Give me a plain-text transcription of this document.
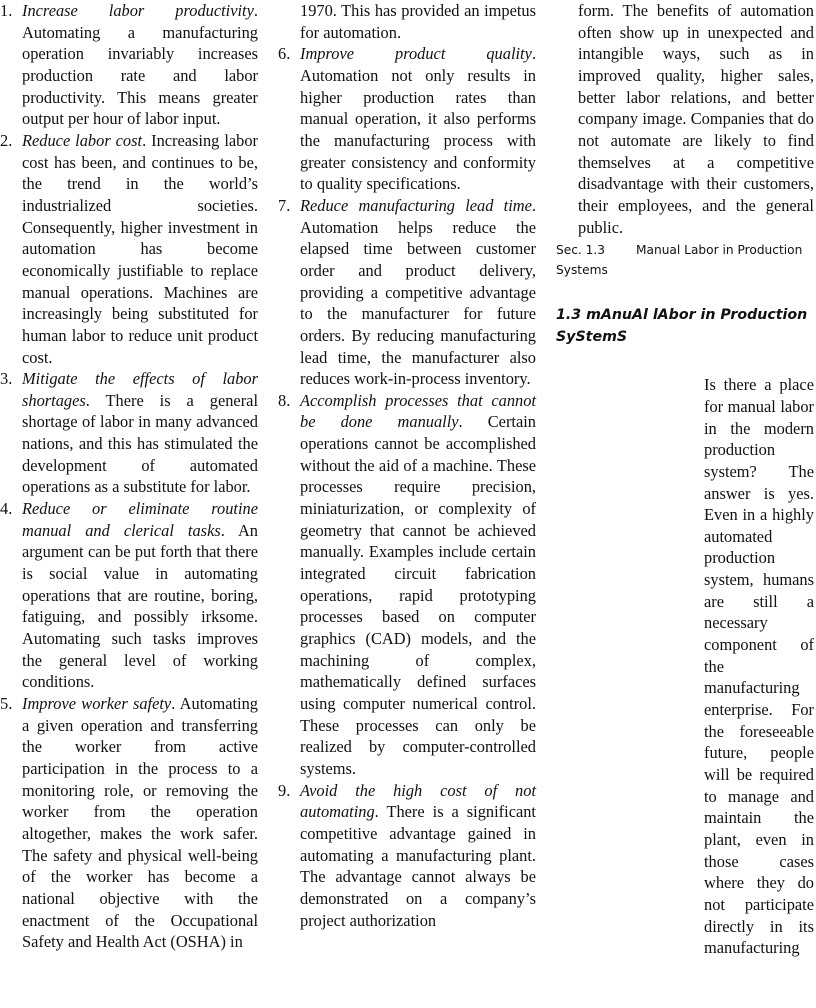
1. Increase labor productivity. Automating a manufacturing operation invariably increases production rate and labor productivity. This means greater output per hour of labor input.

2. Reduce labor cost. Increasing labor cost has been, and continues to be, the trend in the world’s industrialized societies. Consequently, higher investment in automation has become economically justifiable to replace manual operations. Machines are increasingly being substituted for human labor to reduce unit product cost.

3. Mitigate the effects of labor shortages. There is a general shortage of labor in many advanced nations, and this has stimulated the development of automated operations as a substitute for labor.

4. Reduce or eliminate routine manual and clerical tasks. An argument can be put forth that there is social value in automating operations that are routine, boring, fatiguing, and possibly irksome. Automating such tasks improves the general level of working conditions.

5. Improve worker safety. Automating a given operation and transferring the worker from active participation in the process to a monitoring role, or removing the worker from the operation altogether, makes the work safer. The safety and physical well-being of the worker has become a national objective with the enactment of the Occupational Safety and Health Act (OSHA) in

1970. This has provided an impetus for automation.

6. Improve product quality. Automation not only results in higher production rates than manual operation, it also performs the manufacturing process with greater consistency and conformity to quality specifications.

7. Reduce manufacturing lead time. Automation helps reduce the elapsed time between customer order and product delivery, providing a competitive advantage to the manufacturer for future orders. By reducing manufacturing lead time, the manufacturer also reduces work-in-process inventory.

8. Accomplish processes that cannot be done manually. Certain operations cannot be accomplished without the aid of a machine. These processes require precision, miniaturization, or complexity of geometry that cannot be achieved manually. Examples include certain integrated circuit fabrication operations, rapid prototyping processes based on computer graphics (CAD) models, and the machining of complex, mathematically defined surfaces using computer numerical control. These processes can only be realized by computer-controlled systems.

9. Avoid the high cost of not automating. There is a significant competitive advantage gained in automating a manufacturing plant. The advantage cannot always be demonstrated on a company’s project authorization

form. The benefits of automation often show up in unexpected and intangible ways, such as in improved quality, higher sales, better labor relations, and better company image. Companies that do not automate are likely to find themselves at a competitive disadvantage with their customers, their employees, and the general public.

Sec. 1.3	Manual Labor in Production

Systems

1.3 mAnuAl lAbor in Production SyStemS

Is there a place for manual labor in the modern production system? The answer is yes. Even in a highly automated production system, humans are still a necessary component of the manufacturing enterprise. For the foreseeable future, people will be required to manage and maintain the plant, even in those cases where they do not participate directly in its manufacturing
